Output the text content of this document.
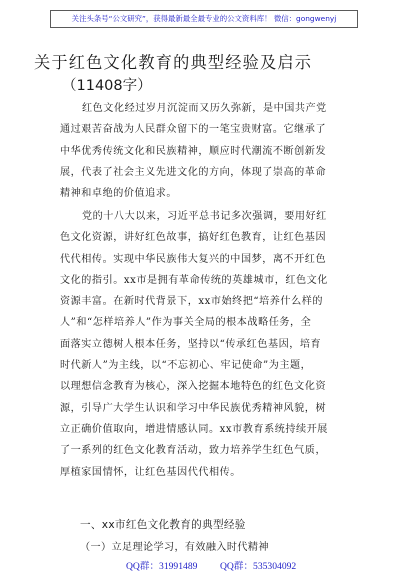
关注头条号“公文研究”，获得最新最全最专业的公文资料库！ 微信：gongwenyj
关于红色文化教育的典型经验及启示
（11408字）
红色文化经过岁月沉淀而又历久弥新，是中国共产党
通过艰苦奋战为人民群众留下的一笔宝贵财富。它继承了
中华优秀传统文化和民族精神，顺应时代潮流不断创新发
展，代表了社会主义先进文化的方向，体现了崇高的革命
精神和卓绝的价值追求。
党的十八大以来，习近平总书记多次强调，要用好红
色文化资源，讲好红色故事，搞好红色教育，让红色基因
代代相传。实现中华民族伟大复兴的中国梦，离不开红色
文化的指引。xx市是拥有革命传统的英雄城市，红色文化
资源丰富。在新时代背景下，xx市始终把“培养什么样的
人”和“怎样培养人”作为事关全局的根本战略任务，全
面落实立德树人根本任务，坚持以“传承红色基因，培育
时代新人”为主线，以“不忘初心、牢记使命”为主题，
以理想信念教育为核心，深入挖掘本地特色的红色文化资
源，引导广大学生认识和学习中华民族优秀精神风貌，树
立正确价值取向，增进情感认同。xx市教育系统持续开展
了一系列的红色文化教育活动，致力培养学生红色气质，
厚植家国情怀，让红色基因代代相传。
一、xx市红色文化教育的典型经验
（一）立足理论学习，有效融入时代精神
QQ群：31991489 QQ群：535304092
